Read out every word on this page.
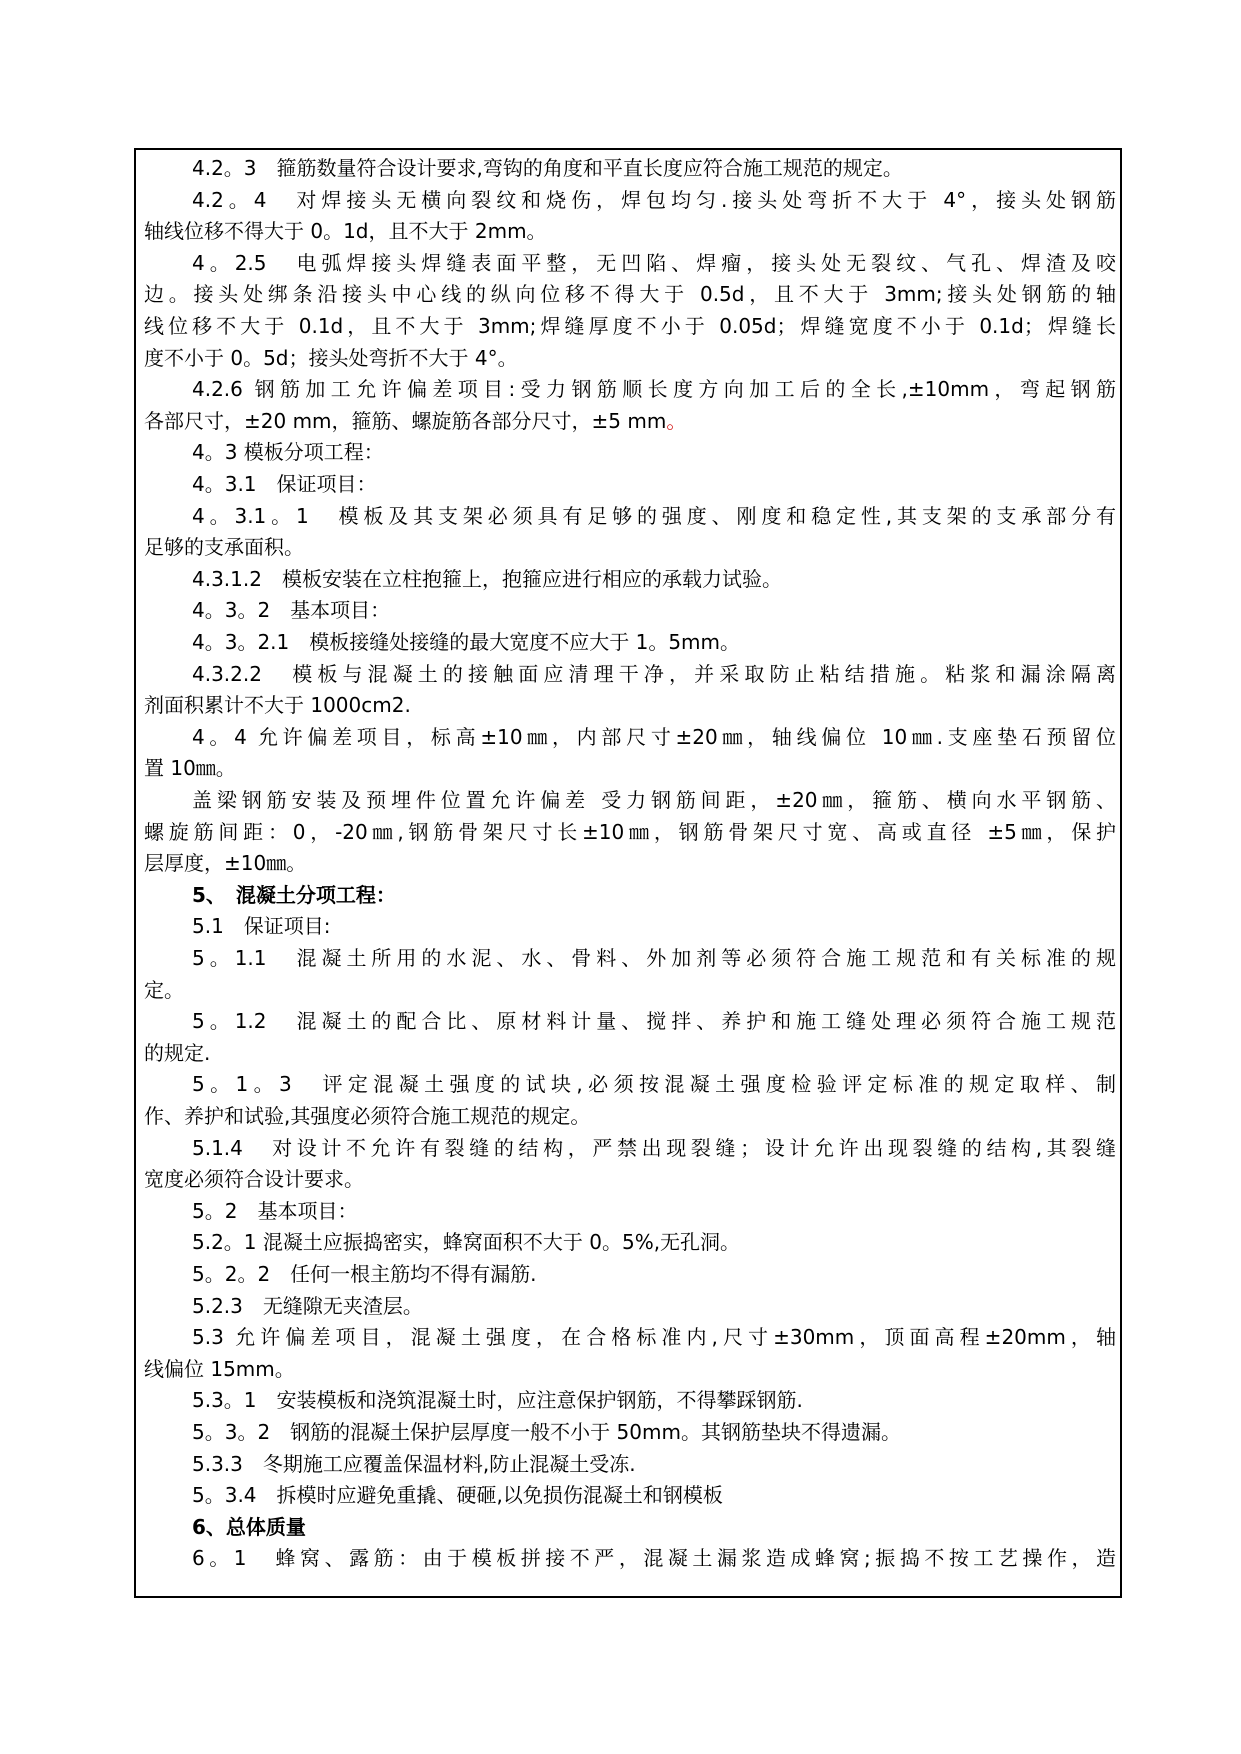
4.2。3　箍筋数量符合设计要求,弯钩的角度和平直长度应符合施工规范的规定。
4.2。4　对焊接头无横向裂纹和烧伤，焊包均匀.接头处弯折不大于 4°，接头处钢筋
轴线位移不得大于 0。1d，且不大于 2mm。
4。2.5　电弧焊接头焊缝表面平整，无凹陷、焊瘤，接头处无裂纹、气孔、焊渣及咬
边。接头处绑条沿接头中心线的纵向位移不得大于 0.5d，且不大于 3mm;接头处钢筋的轴
线位移不大于 0.1d，且不大于 3mm;焊缝厚度不小于 0.05d；焊缝宽度不小于 0.1d；焊缝长
度不小于 0。5d；接头处弯折不大于 4°。
4.2.6 钢筋加工允许偏差项目:受力钢筋顺长度方向加工后的全长,±10mm，弯起钢筋
各部尺寸，±20 mm，箍筋、螺旋筋各部分尺寸，±5 mm。
4。3 模板分项工程：
4。3.1　保证项目：
4。3.1。1　模板及其支架必须具有足够的强度、刚度和稳定性,其支架的支承部分有
足够的支承面积。
4.3.1.2　模板安装在立柱抱箍上，抱箍应进行相应的承载力试验。
4。3。2　基本项目：
4。3。2.1　模板接缝处接缝的最大宽度不应大于 1。5mm。
4.3.2.2　模板与混凝土的接触面应清理干净，并采取防止粘结措施。粘浆和漏涂隔离
剂面积累计不大于 1000cm2.
4。4 允许偏差项目，标高±10㎜，内部尺寸±20㎜，轴线偏位 10㎜.支座垫石预留位
置 10㎜。
盖梁钢筋安装及预埋件位置允许偏差 受力钢筋间距，±20㎜，箍筋、横向水平钢筋、
螺旋筋间距：0，-20㎜,钢筋骨架尺寸长±10㎜，钢筋骨架尺寸宽、高或直径 ±5㎜，保护
层厚度，±10㎜。
5、　混凝土分项工程：
5.1　保证项目:
5。1.1　混凝土所用的水泥、水、骨料、外加剂等必须符合施工规范和有关标准的规
定。
5。1.2　混凝土的配合比、原材料计量、搅拌、养护和施工缝处理必须符合施工规范
的规定.
5。1。3　评定混凝土强度的试块,必须按混凝土强度检验评定标准的规定取样、制
作、养护和试验,其强度必须符合施工规范的规定。
5.1.4　对设计不允许有裂缝的结构，严禁出现裂缝；设计允许出现裂缝的结构,其裂缝
宽度必须符合设计要求。
5。2　基本项目：
5.2。1 混凝土应振捣密实，蜂窝面积不大于 0。5%,无孔洞。
5。2。2　任何一根主筋均不得有漏筋.
5.2.3　无缝隙无夹渣层。
5.3 允许偏差项目，混凝土强度，在合格标准内,尺寸±30mm，顶面高程±20mm，轴
线偏位 15mm。
5.3。1　安装模板和浇筑混凝土时，应注意保护钢筋，不得攀踩钢筋.
5。3。2　钢筋的混凝土保护层厚度一般不小于 50mm。其钢筋垫块不得遗漏。
5.3.3　冬期施工应覆盖保温材料,防止混凝土受冻.
5。3.4　拆模时应避免重撬、硬砸,以免损伤混凝土和钢模板
6、总体质量
6。1　蜂窝、露筋：由于模板拼接不严，混凝土漏浆造成蜂窝;振捣不按工艺操作，造
